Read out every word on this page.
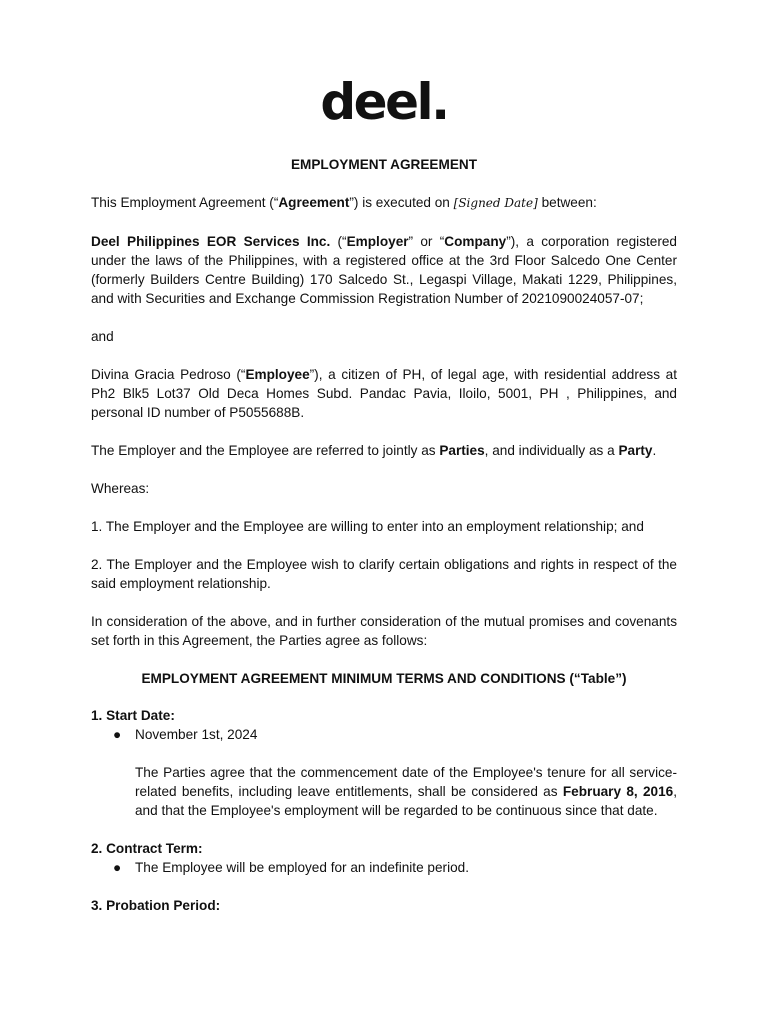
deel.
EMPLOYMENT AGREEMENT

This Employment Agreement (“Agreement”) is executed on [Signed Date] between:

Deel Philippines EOR Services Inc. (“Employer” or “Company”), a corporation registered under the laws of the Philippines, with a registered office at the 3rd Floor Salcedo One Center (formerly Builders Centre Building) 170 Salcedo St., Legaspi Village, Makati 1229, Philippines, and with Securities and Exchange Commission Registration Number of 2021090024057-07;

and

Divina Gracia Pedroso (“Employee”), a citizen of PH, of legal age, with residential address at Ph2 Blk5 Lot37 Old Deca Homes Subd. Pandac Pavia, Iloilo, 5001, PH , Philippines, and personal ID number of P5055688B.

The Employer and the Employee are referred to jointly as Parties, and individually as a Party.

Whereas:

1. The Employer and the Employee are willing to enter into an employment relationship; and

2. The Employer and the Employee wish to clarify certain obligations and rights in respect of the said employment relationship.

In consideration of the above, and in further consideration of the mutual promises and covenants set forth in this Agreement, the Parties agree as follows:

EMPLOYMENT AGREEMENT MINIMUM TERMS AND CONDITIONS (“Table”)
1. Start Date:
● November 1st, 2024

The Parties agree that the commencement date of the Employee's tenure for all service-related benefits, including leave entitlements, shall be considered as February 8, 2016, and that the Employee's employment will be regarded to be continuous since that date.

2. Contract Term:
● The Employee will be employed for an indefinite period.
3. Probation Period:
